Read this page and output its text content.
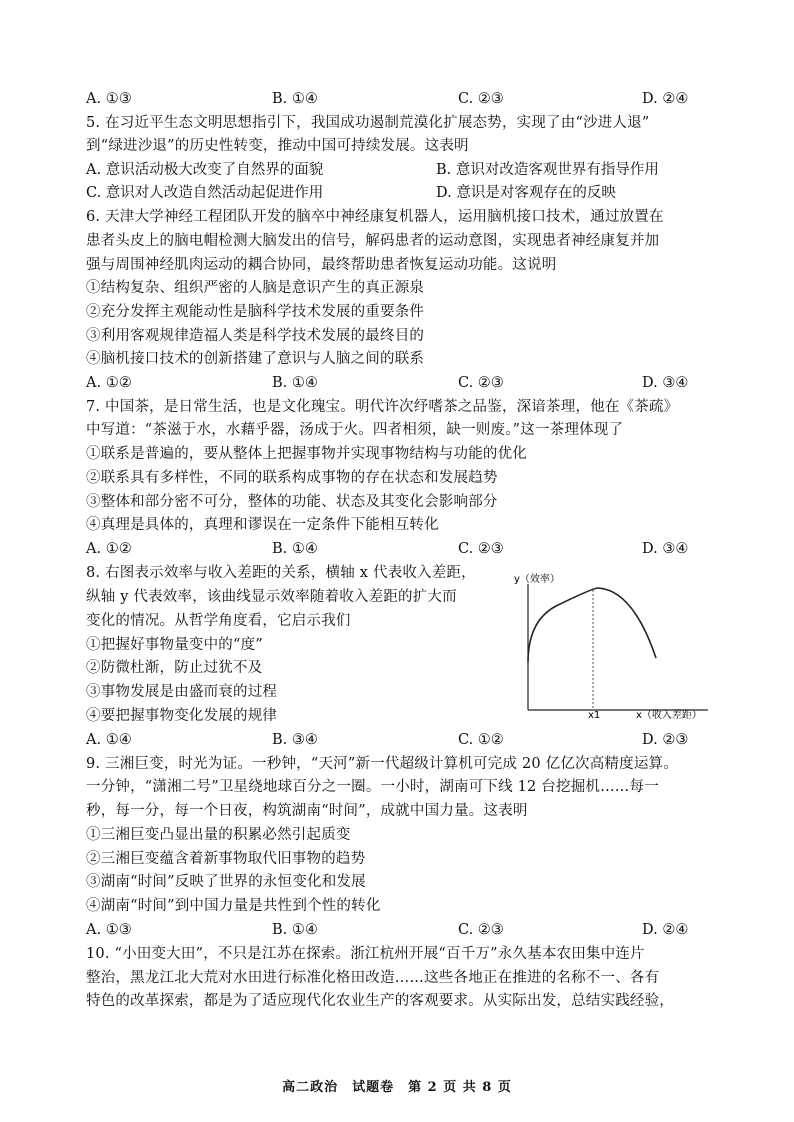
A. ①③	B. ①④	C. ②③	D. ②④
5. 在习近平生态文明思想指引下，我国成功遏制荒漠化扩展态势，实现了由“沙进人退”
到“绿进沙退”的历史性转变，推动中国可持续发展。这表明
A. 意识活动极大改变了自然界的面貌	B. 意识对改造客观世界有指导作用
C. 意识对人改造自然活动起促进作用	D. 意识是对客观存在的反映
6. 天津大学神经工程团队开发的脑卒中神经康复机器人，运用脑机接口技术，通过放置在
患者头皮上的脑电帽检测大脑发出的信号，解码患者的运动意图，实现患者神经康复并加
强与周围神经肌肉运动的耦合协同，最终帮助患者恢复运动功能。这说明
①结构复杂、组织严密的人脑是意识产生的真正源泉
②充分发挥主观能动性是脑科学技术发展的重要条件
③利用客观规律造福人类是科学技术发展的最终目的
④脑机接口技术的创新搭建了意识与人脑之间的联系
A. ①②	B. ①④	C. ②③	D. ③④
7. 中国茶，是日常生活，也是文化瑰宝。明代许次纾嗜茶之品鉴，深谙茶理，他在《茶疏》
中写道：“茶滋于水，水藉乎器，汤成于火。四者相须，缺一则废。”这一茶理体现了
①联系是普遍的，要从整体上把握事物并实现事物结构与功能的优化
②联系具有多样性，不同的联系构成事物的存在状态和发展趋势
③整体和部分密不可分，整体的功能、状态及其变化会影响部分
④真理是具体的，真理和谬误在一定条件下能相互转化
A. ①②	B. ①④	C. ②③	D. ③④
8. 右图表示效率与收入差距的关系，横轴 x 代表收入差距，
纵轴 y 代表效率，该曲线显示效率随着收入差距的扩大而
变化的情况。从哲学角度看，它启示我们
①把握好事物量变中的“度”
②防微杜渐，防止过犹不及
③事物发展是由盛而衰的过程
④要把握事物变化发展的规律
y（效率）
x1	x（收入差距）
A. ①④	B. ③④	C. ①②	D. ②③
9. 三湘巨变，时光为证。一秒钟，“天河”新一代超级计算机可完成 20 亿亿次高精度运算。
一分钟，“潇湘二号”卫星绕地球百分之一圈。一小时，湖南可下线 12 台挖掘机……每一
秒，每一分，每一个日夜，构筑湖南“时间”，成就中国力量。这表明
①三湘巨变凸显出量的积累必然引起质变
②三湘巨变蕴含着新事物取代旧事物的趋势
③湖南“时间”反映了世界的永恒变化和发展
④湖南“时间”到中国力量是共性到个性的转化
A. ①③	B. ①④	C. ②③	D. ②④
10. “小田变大田”，不只是江苏在探索。浙江杭州开展“百千万”永久基本农田集中连片
整治，黑龙江北大荒对水田进行标准化格田改造……这些各地正在推进的名称不一、各有
特色的改革探索，都是为了适应现代化农业生产的客观要求。从实际出发，总结实践经验，
高二政治　试题卷　第 2 页 共 8 页
